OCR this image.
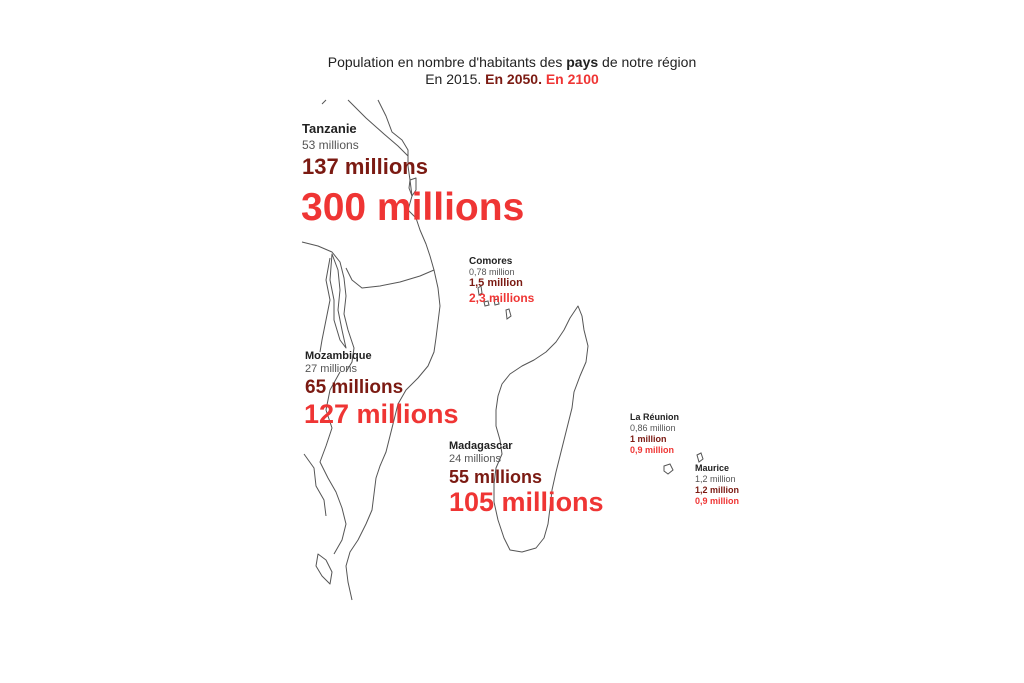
Population en nombre d'habitants des pays de notre région
En 2015. En 2050. En 2100
Tanzanie
53 millions
137 millions
300 millions
Comores
0,78 million
1,5 million
2,3 millions
Mozambique
27 millions
65 millions
127 millions
Madagascar
24 millions
55 millions
105 millions
La Réunion
0,86 million
1 million
0,9 million
Maurice
1,2 million
1,2 million
0,9 million
